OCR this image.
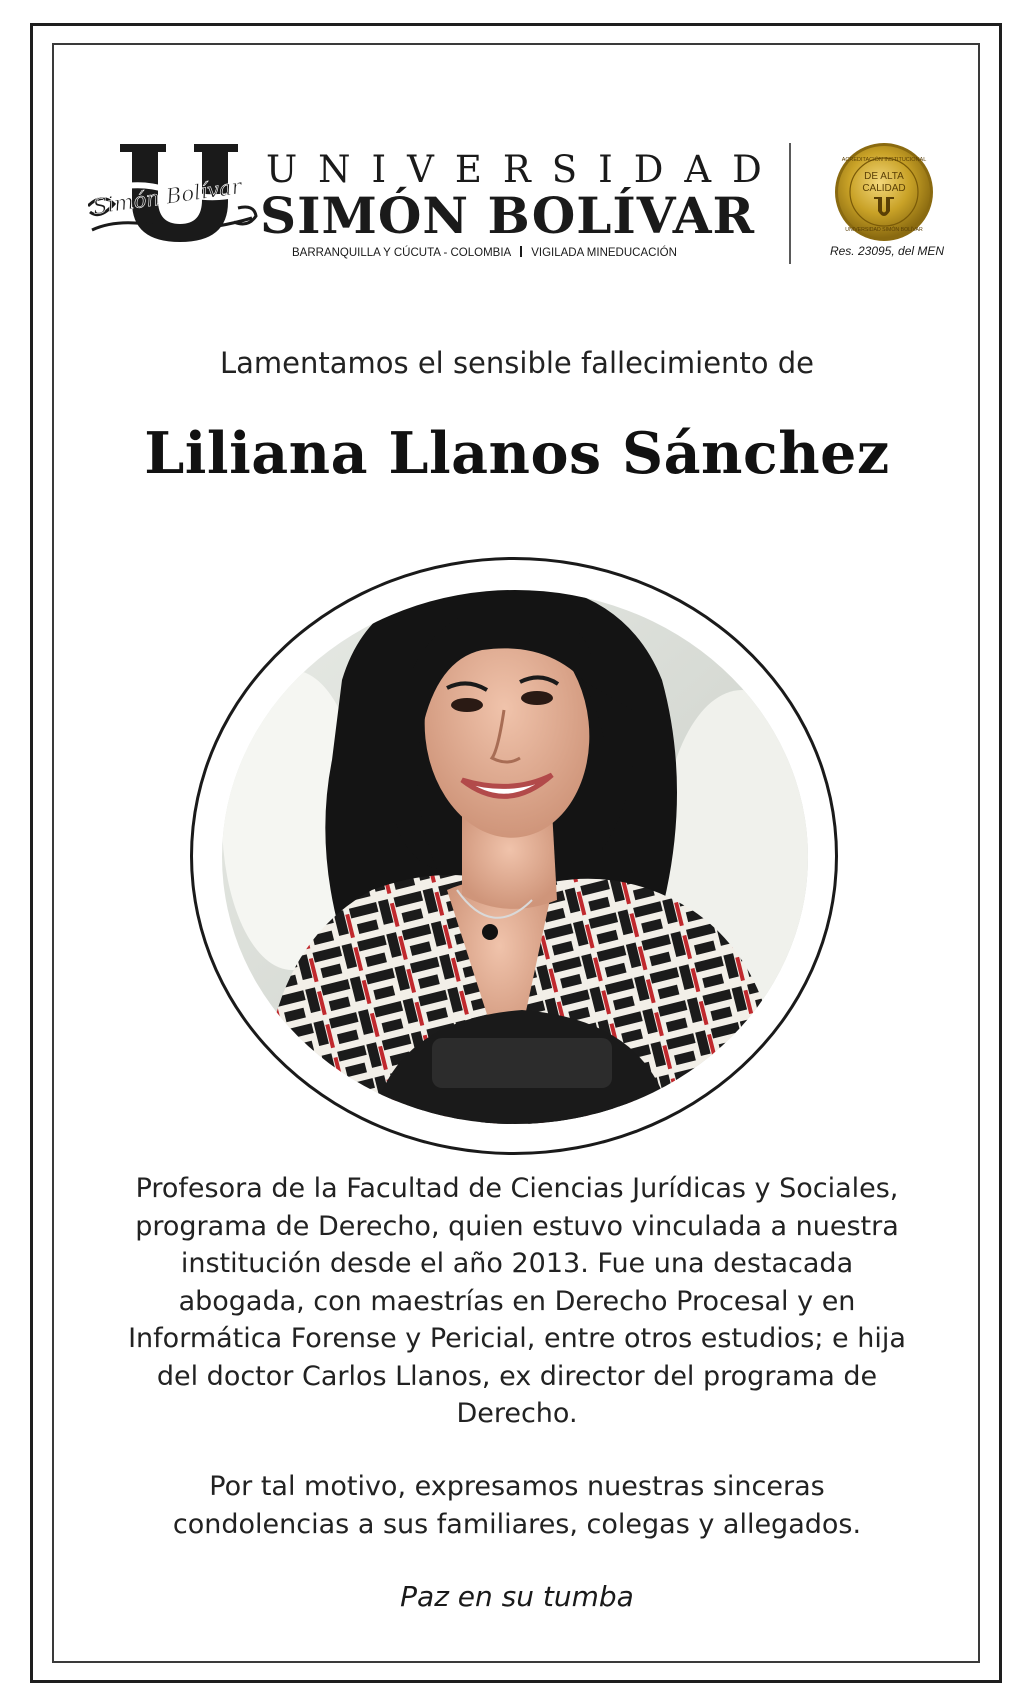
Simón Bolívar
UNIVERSIDAD
SIMÓN BOLÍVAR
BARRANQUILLA Y CÚCUTA - COLOMBIA VIGILADA MINEDUCACIÓN
ACREDITACIÓN INSTITUCIONAL
DE ALTA
CALIDAD
UNIVERSIDAD SIMÓN BOLÍVAR
Res. 23095, del MEN
Lamentamos el sensible fallecimiento de
Liliana Llanos Sánchez

Profesora de la Facultad de Ciencias Jurídicas y Sociales,
programa de Derecho, quien estuvo vinculada a nuestra
institución desde el año 2013. Fue una destacada
abogada, con maestrías en Derecho Procesal y en
Informática Forense y Pericial, entre otros estudios; e hija
del doctor Carlos Llanos, ex director del programa de
Derecho.

Por tal motivo, expresamos nuestras sinceras
condolencias a sus familiares, colegas y allegados.

Paz en su tumba
